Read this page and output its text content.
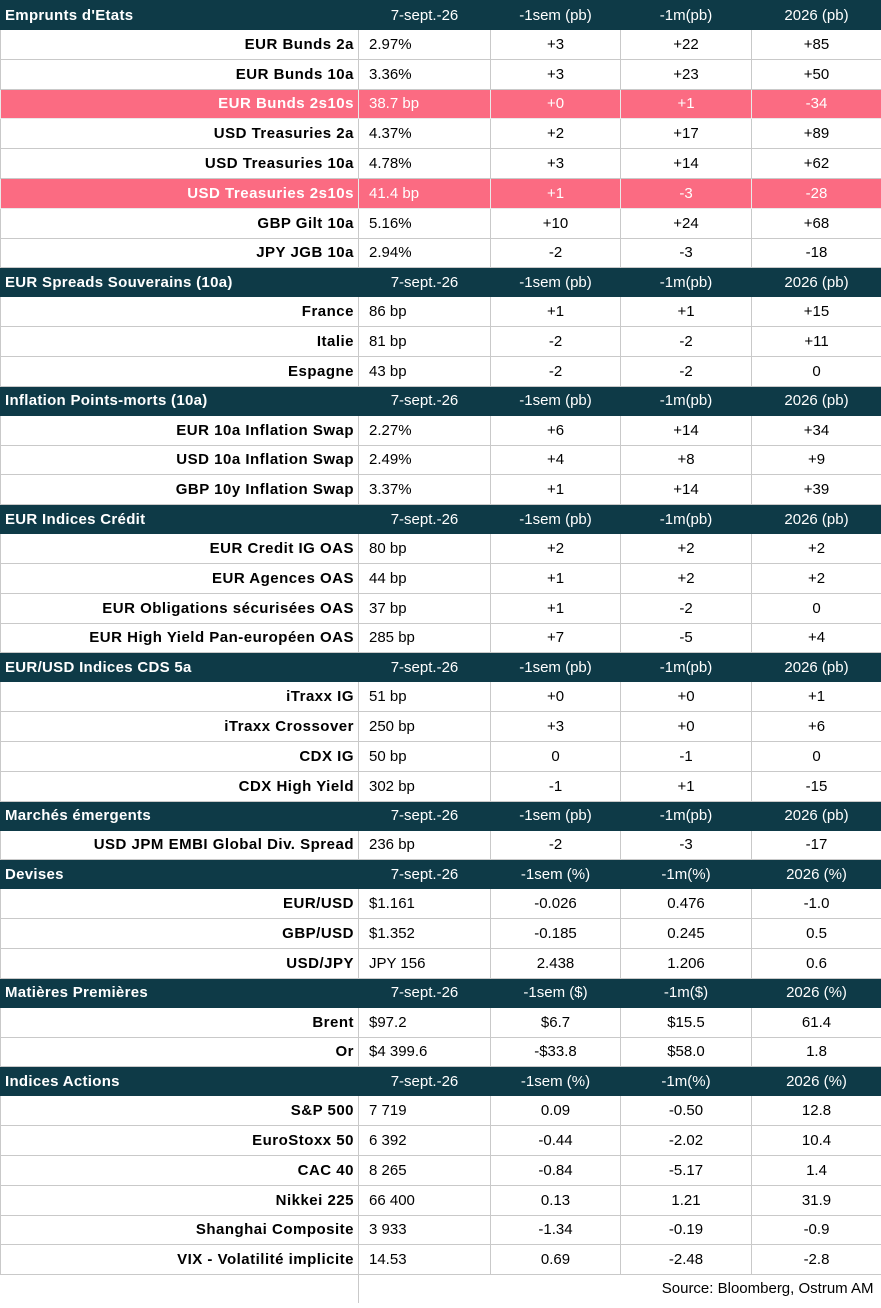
Emprunts d'Etats	7-sept.-26	-1sem (pb)	-1m(pb)	2026 (pb)
EUR Bunds 2a	2.97%	+3	+22	+85
EUR Bunds 10a	3.36%	+3	+23	+50
EUR Bunds 2s10s	38.7 bp	+0	+1	-34
USD Treasuries 2a	4.37%	+2	+17	+89
USD Treasuries 10a	4.78%	+3	+14	+62
USD Treasuries 2s10s	41.4 bp	+1	-3	-28
GBP Gilt 10a	5.16%	+10	+24	+68
JPY JGB 10a	2.94%	-2	-3	-18
EUR Spreads Souverains (10a)	7-sept.-26	-1sem (pb)	-1m(pb)	2026 (pb)
France	86 bp	+1	+1	+15
Italie	81 bp	-2	-2	+11
Espagne	43 bp	-2	-2	0
Inflation Points-morts (10a)	7-sept.-26	-1sem (pb)	-1m(pb)	2026 (pb)
EUR 10a Inflation Swap	2.27%	+6	+14	+34
USD 10a Inflation Swap	2.49%	+4	+8	+9
GBP 10y Inflation Swap	3.37%	+1	+14	+39
EUR Indices Crédit	7-sept.-26	-1sem (pb)	-1m(pb)	2026 (pb)
EUR Credit IG OAS	80 bp	+2	+2	+2
EUR Agences OAS	44 bp	+1	+2	+2
EUR Obligations sécurisées OAS	37 bp	+1	-2	0
EUR High Yield Pan-européen OAS	285 bp	+7	-5	+4
EUR/USD Indices CDS 5a	7-sept.-26	-1sem (pb)	-1m(pb)	2026 (pb)
iTraxx IG	51 bp	+0	+0	+1
iTraxx Crossover	250 bp	+3	+0	+6
CDX IG	50 bp	0	-1	0
CDX High Yield	302 bp	-1	+1	-15
Marchés émergents	7-sept.-26	-1sem (pb)	-1m(pb)	2026 (pb)
USD JPM EMBI Global Div. Spread	236 bp	-2	-3	-17
Devises	7-sept.-26	-1sem (%)	-1m(%)	2026 (%)
EUR/USD	$1.161	-0.026	0.476	-1.0
GBP/USD	$1.352	-0.185	0.245	0.5
USD/JPY	JPY 156	2.438	1.206	0.6
Matières Premières	7-sept.-26	-1sem ($)	-1m($)	2026 (%)
Brent	$97.2	$6.7	$15.5	61.4
Or	$4 399.6	-$33.8	$58.0	1.8
Indices Actions	7-sept.-26	-1sem (%)	-1m(%)	2026 (%)
S&P 500	7 719	0.09	-0.50	12.8
EuroStoxx 50	6 392	-0.44	-2.02	10.4
CAC 40	8 265	-0.84	-5.17	1.4
Nikkei 225	66 400	0.13	1.21	31.9
Shanghai Composite	3 933	-1.34	-0.19	-0.9
VIX - Volatilité implicite	14.53	0.69	-2.48	-2.8
	Source: Bloomberg, Ostrum AM			
